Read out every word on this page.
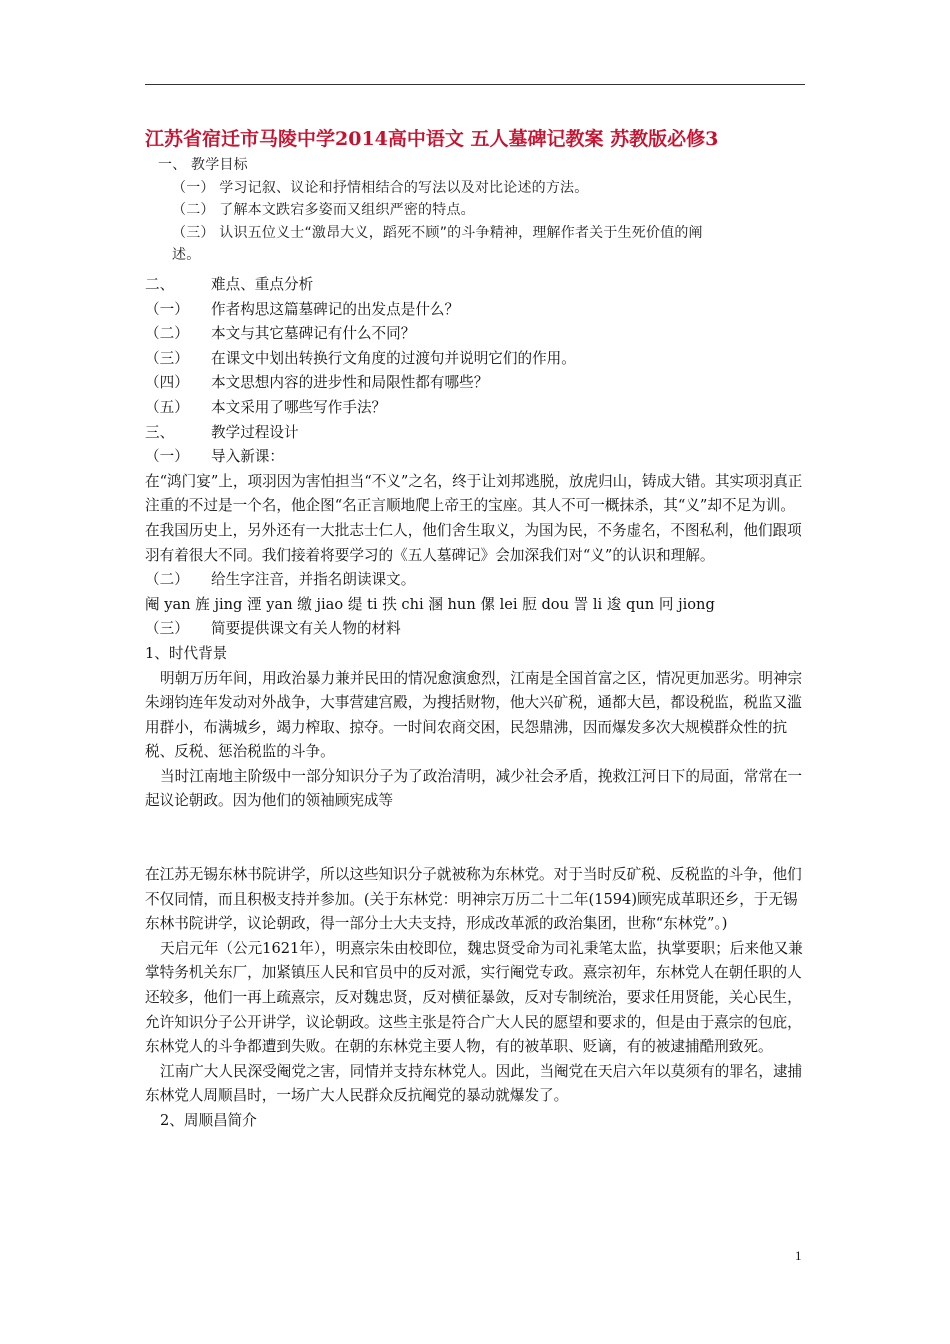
江苏省宿迁市马陵中学2014高中语文 五人墓碑记教案 苏教版必修3

一、 教学目标

（一） 学习记叙、议论和抒情相结合的写法以及对比论述的方法。

（二） 了解本文跌宕多姿而又组织严密的特点。

（三） 认识五位义士“激昂大义，蹈死不顾”的斗争精神，理解作者关于生死价值的阐

述。

二、	难点、重点分析
（一）	作者构思这篇墓碑记的出发点是什么？
（二）	本文与其它墓碑记有什么不同？
（三）	在课文中划出转换行文角度的过渡句并说明它们的作用。
（四）	本文思想内容的进步性和局限性都有哪些？
（五）	本文采用了哪些写作手法？
三、	教学过程设计
（一）	导入新课：

在“鸿门宴”上，项羽因为害怕担当“不义”之名，终于让刘邦逃脱，放虎归山，铸成大错。其实项羽真正注重的不过是一个名，他企图“名正言顺地爬上帝王的宝座。其人不可一概抹杀，其“义”却不足为训。

在我国历史上，另外还有一大批志士仁人，他们舍生取义，为国为民，不务虚名，不图私利，他们跟项羽有着很大不同。我们接着将要学习的《五人墓碑记》会加深我们对“义”的认识和理解。

（二）	给生字注音，并指名朗读课文。

阉 yan 旌 jing 湮 yan 缴 jiao 缇 ti 抶 chi 溷 hun 傫 lei 脰 dou 詈 li 逡 qun 冋 jiong

（三）	简要提供课文有关人物的材料

1、时代背景

明朝万历年间，用政治暴力兼并民田的情况愈演愈烈，江南是全国首富之区，情况更加恶劣。明神宗朱翊钧连年发动对外战争，大事营建宫殿，为搜括财物，他大兴矿税，通都大邑，都设税监，税监又滥用群小，布满城乡，竭力榨取、掠夺。一时间农商交困，民怨鼎沸，因而爆发多次大规模群众性的抗税、反税、惩治税监的斗争。

当时江南地主阶级中一部分知识分子为了政治清明，减少社会矛盾，挽救江河日下的局面，常常在一起议论朝政。因为他们的领袖顾宪成等

在江苏无锡东林书院讲学，所以这些知识分子就被称为东林党。对于当时反矿税、反税监的斗争，他们不仅同情，而且积极支持并参加。(关于东林党：明神宗万历二十二年(1594)顾宪成革职还乡，于无锡东林书院讲学，议论朝政，得一部分士大夫支持，形成改革派的政治集团，世称“东林党”。)

天启元年（公元1621年），明熹宗朱由校即位，魏忠贤受命为司礼秉笔太监，执掌要职；后来他又兼掌特务机关东厂，加紧镇压人民和官员中的反对派，实行阉党专政。熹宗初年，东林党人在朝任职的人还较多，他们一再上疏熹宗，反对魏忠贤，反对横征暴敛，反对专制统治，要求任用贤能，关心民生，允许知识分子公开讲学，议论朝政。这些主张是符合广大人民的愿望和要求的，但是由于熹宗的包庇，东林党人的斗争都遭到失败。在朝的东林党主要人物，有的被革职、贬谪，有的被逮捕酷刑致死。

江南广大人民深受阉党之害，同情并支持东林党人。因此，当阉党在天启六年以莫须有的罪名，逮捕东林党人周顺昌时，一场广大人民群众反抗阉党的暴动就爆发了。

2、周顺昌简介

1
